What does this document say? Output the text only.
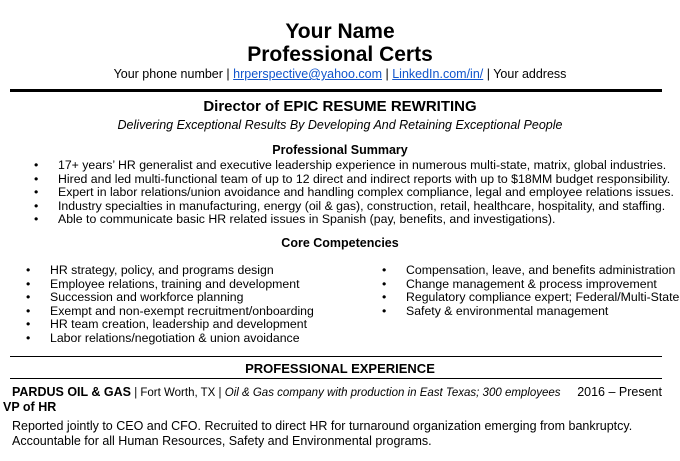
Your Name
Professional Certs
Your phone number | hrperspective@yahoo.com | LinkedIn.com/in/ | Your address
Director of EPIC RESUME REWRITING
Delivering Exceptional Results By Developing And Retaining Exceptional People
Professional Summary
• 17+ years’ HR generalist and executive leadership experience in numerous multi-state, matrix, global industries.
• Hired and led multi-functional team of up to 12 direct and indirect reports with up to $18MM budget responsibility.
• Expert in labor relations/union avoidance and handling complex compliance, legal and employee relations issues.
• Industry specialties in manufacturing, energy (oil & gas), construction, retail, healthcare, hospitality, and staffing.
• Able to communicate basic HR related issues in Spanish (pay, benefits, and investigations).
Core Competencies
• HR strategy, policy, and programs design
• Employee relations, training and development
• Succession and workforce planning
• Exempt and non-exempt recruitment/onboarding
• HR team creation, leadership and development
• Labor relations/negotiation & union avoidance
• Compensation, leave, and benefits administration
• Change management & process improvement
• Regulatory compliance expert; Federal/Multi-State
• Safety & environmental management
PROFESSIONAL EXPERIENCE
PARDUS OIL & GAS | Fort Worth, TX | Oil & Gas company with production in East Texas; 300 employees 2016 – Present
VP of HR
Reported jointly to CEO and CFO. Recruited to direct HR for turnaround organization emerging from bankruptcy. Accountable for all Human Resources, Safety and Environmental programs.
